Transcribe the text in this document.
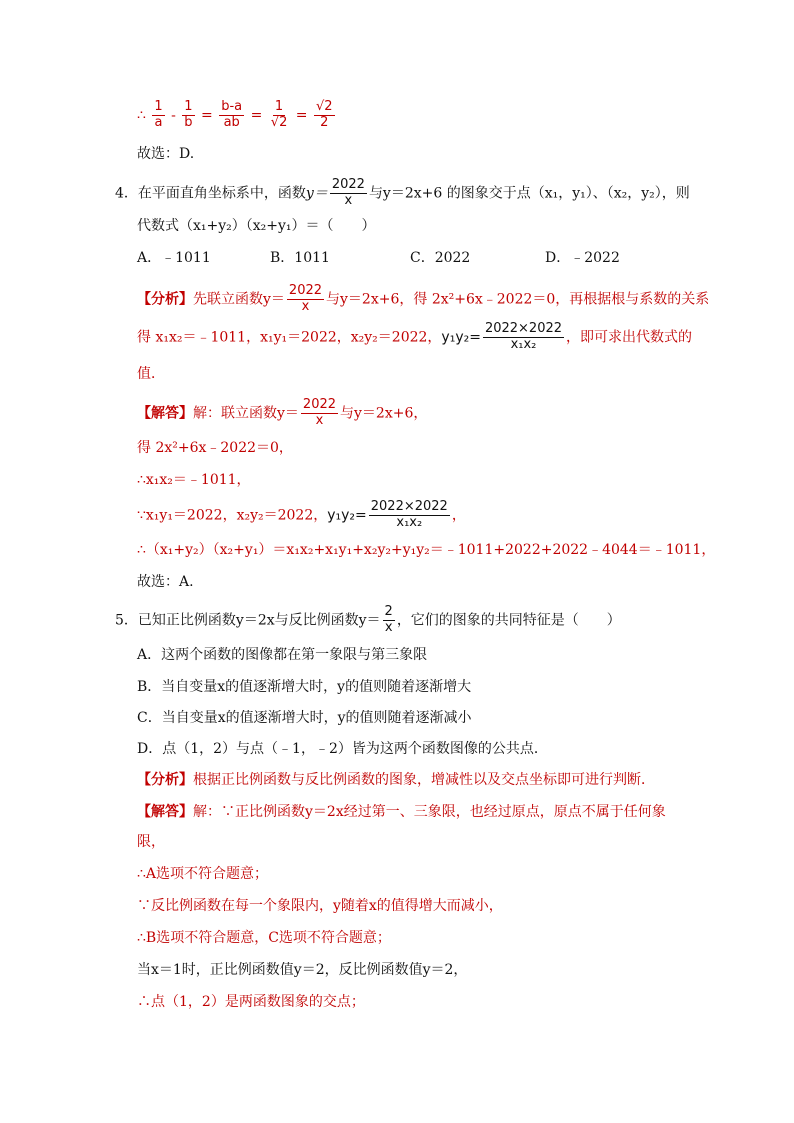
∴ $\frac{1}{a} - \frac{1}{b} = \frac{b-a}{ab} = \frac{1}{√2} = \frac{√2}{2}$
故选：D.
4．在平面直角坐标系中，函数$y= \frac{2022}{x}$ 与y＝2x+6 的图象交于点（x₁，y₁）、（x₂，y₂），则
代数式（x₁+y₂）（x₂+y₁）＝（　　）
A．﹣1011	B．1011	C．2022	D．﹣2022
【分析】先联立函数$y= \frac{2022}{x}$ 与y＝2x+6，得 2x²+6x﹣2022＝0，再根据根与系数的关系
得 x₁x₂＝﹣1011，x₁y₁＝2022，x₂y₂＝2022，$y_1y_2= \frac{2022\times 2022}{\text{x₁x₂}}$ ，即可求出代数式的
值．
【解答】解：联立函数$y= \frac{2022}{x}$ 与y＝2x+6，
得 2x²+6x﹣2022＝0，
∴x₁x₂＝﹣1011，
∵x₁y₁＝2022，x₂y₂＝2022，$y_1y_2= \frac{2022\times 2022}{\text{x₁x₂}}$ ，
∴（x₁+y₂）（x₂+y₁）＝x₁x₂+x₁y₁+x₂y₂+y₁y₂＝﹣1011+2022+2022﹣4044＝﹣1011，
故选：A.
5．已知正比例函数y＝2x与反比例函数$y= \frac{2}{x}$ ，它们的图象的共同特征是（　　）
A．这两个函数的图像都在第一象限与第三象限
B．当自变量x的值逐渐增大时，y的值则随着逐渐增大
C．当自变量x的值逐渐增大时，y的值则随着逐渐减小
D．点（1，2）与点（﹣1，﹣2）皆为这两个函数图像的公共点．
【分析】根据正比例函数与反比例函数的图象，增减性以及交点坐标即可进行判断．
【解答】解：∵正比例函数y＝2x经过第一、三象限，也经过原点，原点不属于任何象
限，
∴A选项不符合题意；
∵反比例函数在每一个象限内，y随着x的值得增大而减小，
∴B选项不符合题意，C选项不符合题意；
当x＝1时，正比例函数值y＝2，反比例函数值y＝2，
∴点（1，2）是两函数图象的交点；
